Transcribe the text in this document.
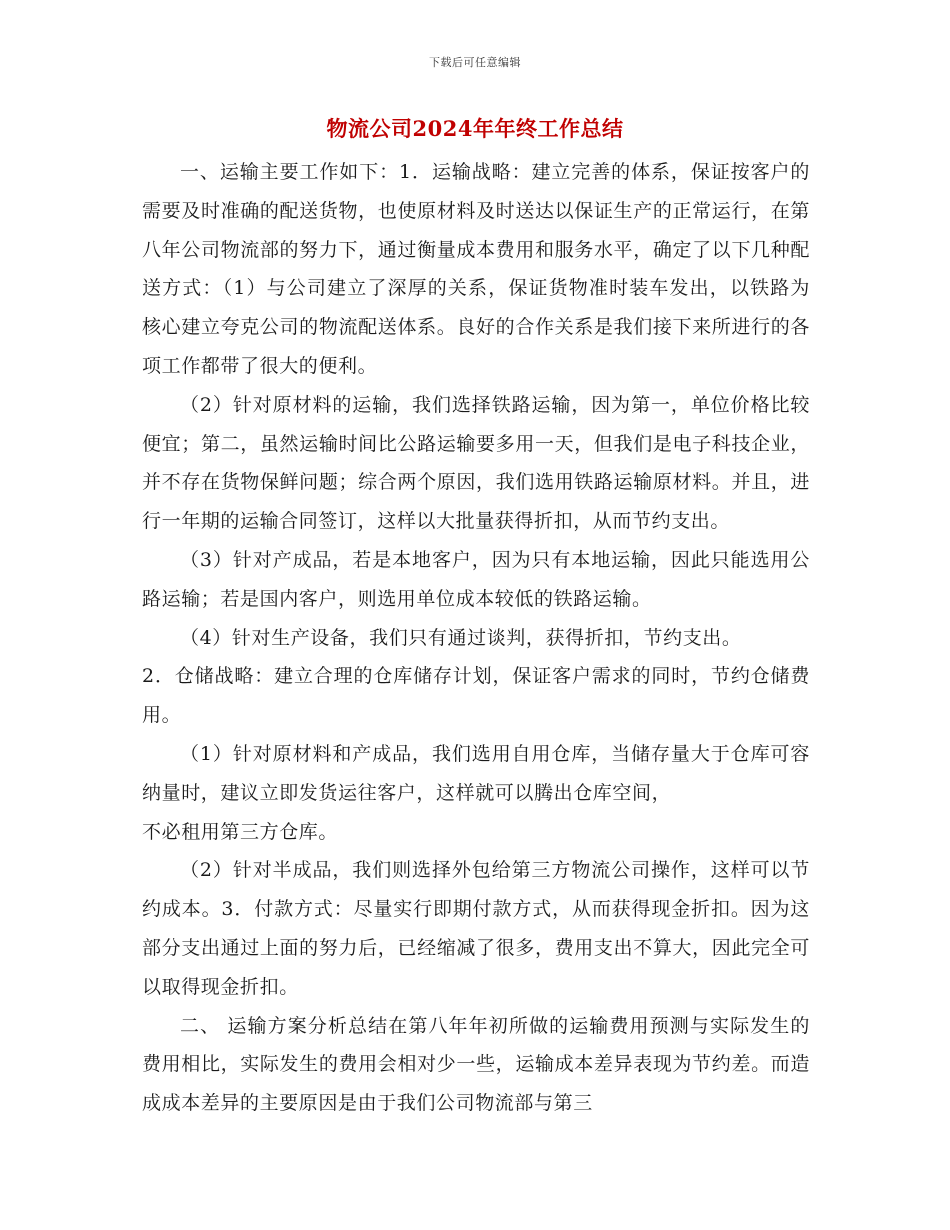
下载后可任意编辑
物流公司2024年年终工作总结

一、运输主要工作如下：1．运输战略：建立完善的体系，保证按客户的需要及时准确的配送货物，也使原材料及时送达以保证生产的正常运行，在第八年公司物流部的努力下，通过衡量成本费用和服务水平，确定了以下几种配送方式：（1）与公司建立了深厚的关系，保证货物准时装车发出，以铁路为核心建立夸克公司的物流配送体系。良好的合作关系是我们接下来所进行的各项工作都带了很大的便利。

（2）针对原材料的运输，我们选择铁路运输，因为第一，单位价格比较便宜；第二，虽然运输时间比公路运输要多用一天，但我们是电子科技企业，并不存在货物保鲜问题；综合两个原因，我们选用铁路运输原材料。并且，进行一年期的运输合同签订，这样以大批量获得折扣，从而节约支出。

（3）针对产成品，若是本地客户，因为只有本地运输，因此只能选用公路运输；若是国内客户，则选用单位成本较低的铁路运输。

（4）针对生产设备，我们只有通过谈判，获得折扣，节约支出。

2．仓储战略：建立合理的仓库储存计划，保证客户需求的同时，节约仓储费用。

（1）针对原材料和产成品，我们选用自用仓库，当储存量大于仓库可容纳量时，建议立即发货运往客户，这样就可以腾出仓库空间，

不必租用第三方仓库。

（2）针对半成品，我们则选择外包给第三方物流公司操作，这样可以节约成本。3．付款方式：尽量实行即期付款方式，从而获得现金折扣。因为这部分支出通过上面的努力后，已经缩减了很多，费用支出不算大，因此完全可以取得现金折扣。

二、 运输方案分析总结在第八年年初所做的运输费用预测与实际发生的费用相比，实际发生的费用会相对少一些，运输成本差异表现为节约差。而造成成本差异的主要原因是由于我们公司物流部与第三
